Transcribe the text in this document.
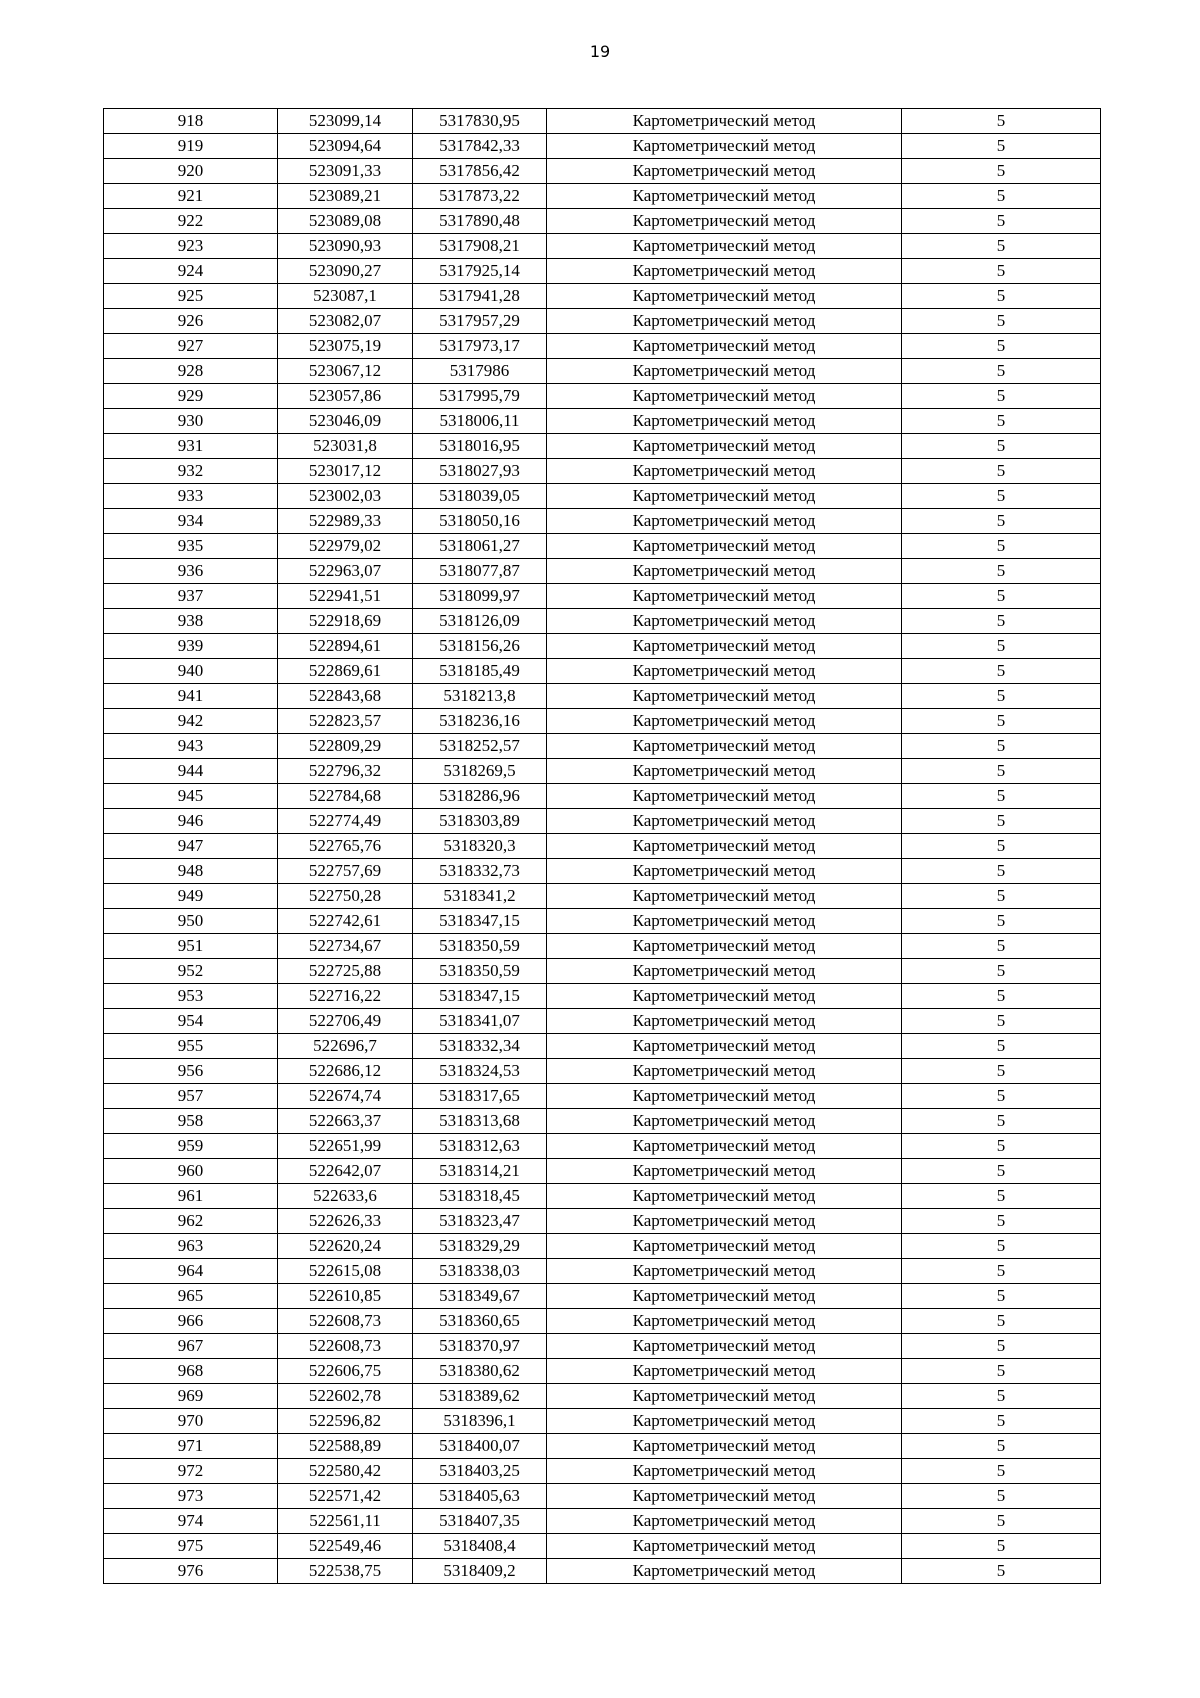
19
918	523099,14	5317830,95	Картометрический метод	5
919	523094,64	5317842,33	Картометрический метод	5
920	523091,33	5317856,42	Картометрический метод	5
921	523089,21	5317873,22	Картометрический метод	5
922	523089,08	5317890,48	Картометрический метод	5
923	523090,93	5317908,21	Картометрический метод	5
924	523090,27	5317925,14	Картометрический метод	5
925	523087,1	5317941,28	Картометрический метод	5
926	523082,07	5317957,29	Картометрический метод	5
927	523075,19	5317973,17	Картометрический метод	5
928	523067,12	5317986	Картометрический метод	5
929	523057,86	5317995,79	Картометрический метод	5
930	523046,09	5318006,11	Картометрический метод	5
931	523031,8	5318016,95	Картометрический метод	5
932	523017,12	5318027,93	Картометрический метод	5
933	523002,03	5318039,05	Картометрический метод	5
934	522989,33	5318050,16	Картометрический метод	5
935	522979,02	5318061,27	Картометрический метод	5
936	522963,07	5318077,87	Картометрический метод	5
937	522941,51	5318099,97	Картометрический метод	5
938	522918,69	5318126,09	Картометрический метод	5
939	522894,61	5318156,26	Картометрический метод	5
940	522869,61	5318185,49	Картометрический метод	5
941	522843,68	5318213,8	Картометрический метод	5
942	522823,57	5318236,16	Картометрический метод	5
943	522809,29	5318252,57	Картометрический метод	5
944	522796,32	5318269,5	Картометрический метод	5
945	522784,68	5318286,96	Картометрический метод	5
946	522774,49	5318303,89	Картометрический метод	5
947	522765,76	5318320,3	Картометрический метод	5
948	522757,69	5318332,73	Картометрический метод	5
949	522750,28	5318341,2	Картометрический метод	5
950	522742,61	5318347,15	Картометрический метод	5
951	522734,67	5318350,59	Картометрический метод	5
952	522725,88	5318350,59	Картометрический метод	5
953	522716,22	5318347,15	Картометрический метод	5
954	522706,49	5318341,07	Картометрический метод	5
955	522696,7	5318332,34	Картометрический метод	5
956	522686,12	5318324,53	Картометрический метод	5
957	522674,74	5318317,65	Картометрический метод	5
958	522663,37	5318313,68	Картометрический метод	5
959	522651,99	5318312,63	Картометрический метод	5
960	522642,07	5318314,21	Картометрический метод	5
961	522633,6	5318318,45	Картометрический метод	5
962	522626,33	5318323,47	Картометрический метод	5
963	522620,24	5318329,29	Картометрический метод	5
964	522615,08	5318338,03	Картометрический метод	5
965	522610,85	5318349,67	Картометрический метод	5
966	522608,73	5318360,65	Картометрический метод	5
967	522608,73	5318370,97	Картометрический метод	5
968	522606,75	5318380,62	Картометрический метод	5
969	522602,78	5318389,62	Картометрический метод	5
970	522596,82	5318396,1	Картометрический метод	5
971	522588,89	5318400,07	Картометрический метод	5
972	522580,42	5318403,25	Картометрический метод	5
973	522571,42	5318405,63	Картометрический метод	5
974	522561,11	5318407,35	Картометрический метод	5
975	522549,46	5318408,4	Картометрический метод	5
976	522538,75	5318409,2	Картометрический метод	5
